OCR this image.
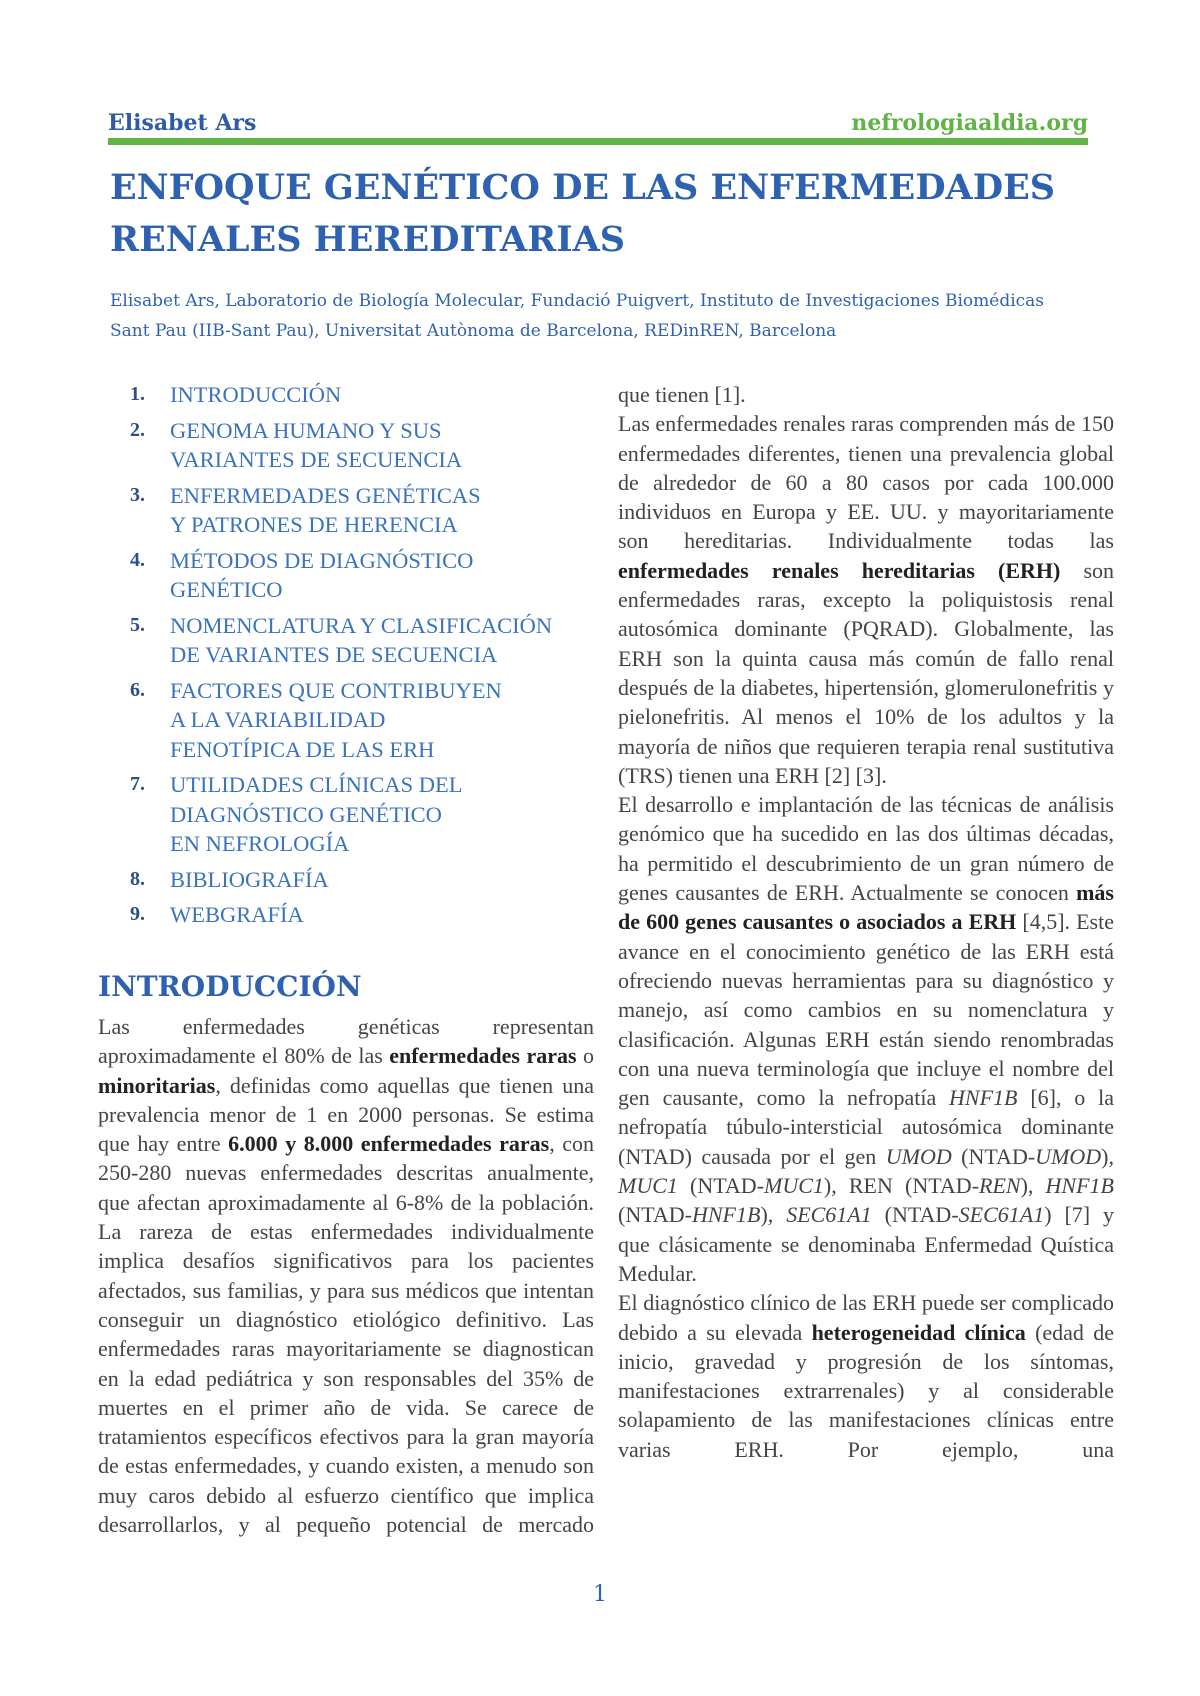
Elisabet Ars	nefrologiaaldia.org
ENFOQUE GENÉTICO DE LAS ENFERMEDADES
RENALES HEREDITARIAS
Elisabet Ars, Laboratorio de Biología Molecular, Fundació Puigvert, Instituto de Investigaciones Biomédicas
Sant Pau (IIB-Sant Pau), Universitat Autònoma de Barcelona, REDinREN, Barcelona
1.	INTRODUCCIÓN
2.	GENOMA HUMANO Y SUS
VARIANTES DE SECUENCIA
3.	ENFERMEDADES GENÉTICAS
Y PATRONES DE HERENCIA
4.	MÉTODOS DE DIAGNÓSTICO
GENÉTICO
5.	NOMENCLATURA Y CLASIFICACIÓN
DE VARIANTES DE SECUENCIA
6.	FACTORES QUE CONTRIBUYEN
A LA VARIABILIDAD
FENOTÍPICA DE LAS ERH
7.	UTILIDADES CLÍNICAS DEL
DIAGNÓSTICO GENÉTICO
EN NEFROLOGÍA
8.	BIBLIOGRAFÍA
9.	WEBGRAFÍA
INTRODUCCIÓN

Las enfermedades genéticas representan aproximadamente el 80% de las enfermedades raras o minoritarias, definidas como aquellas que tienen una prevalencia menor de 1 en 2000 personas. Se estima que hay entre 6.000 y 8.000 enfermedades raras, con 250-280 nuevas enfermedades descritas anualmente, que afectan aproximadamente al 6-8% de la población. La rareza de estas enfermedades individualmente implica desafíos significativos para los pacientes afectados, sus familias, y para sus médicos que intentan conseguir un diagnóstico etiológico definitivo. Las enfermedades raras mayoritariamente se diagnostican en la edad pediátrica y son responsables del 35% de muertes en el primer año de vida. Se carece de tratamientos específicos efectivos para la gran mayoría de estas enfermedades, y cuando existen, a menudo son muy caros debido al esfuerzo científico que implica desarrollarlos, y al pequeño potencial de mercado

que tienen [1].

Las enfermedades renales raras comprenden más de 150 enfermedades diferentes, tienen una prevalencia global de alrededor de 60 a 80 casos por cada 100.000 individuos en Europa y EE. UU. y mayoritariamente son hereditarias. Individualmente todas las enfermedades renales hereditarias (ERH) son enfermedades raras, excepto la poliquistosis renal autosómica dominante (PQRAD). Globalmente, las ERH son la quinta causa más común de fallo renal después de la diabetes, hipertensión, glomerulonefritis y pielonefritis. Al menos el 10% de los adultos y la mayoría de niños que requieren terapia renal sustitutiva (TRS) tienen una ERH [2] [3].

El desarrollo e implantación de las técnicas de análisis genómico que ha sucedido en las dos últimas décadas, ha permitido el descubrimiento de un gran número de genes causantes de ERH. Actualmente se conocen más de 600 genes causantes o asociados a ERH [4,5]. Este avance en el conocimiento genético de las ERH está ofreciendo nuevas herramientas para su diagnóstico y manejo, así como cambios en su nomenclatura y clasificación. Algunas ERH están siendo renombradas con una nueva terminología que incluye el nombre del gen causante, como la nefropatía HNF1B [6], o la nefropatía túbulo-intersticial autosómica dominante (NTAD) causada por el gen UMOD (NTAD-UMOD), MUC1 (NTAD-MUC1), REN (NTAD-REN), HNF1B (NTAD-HNF1B), SEC61A1 (NTAD-SEC61A1) [7] y que clásicamente se denominaba Enfermedad Quística Medular.

El diagnóstico clínico de las ERH puede ser complicado debido a su elevada heterogeneidad clínica (edad de inicio, gravedad y progresión de los síntomas, manifestaciones extrarrenales) y al considerable solapamiento de las manifestaciones clínicas entre varias ERH. Por ejemplo, una

1
